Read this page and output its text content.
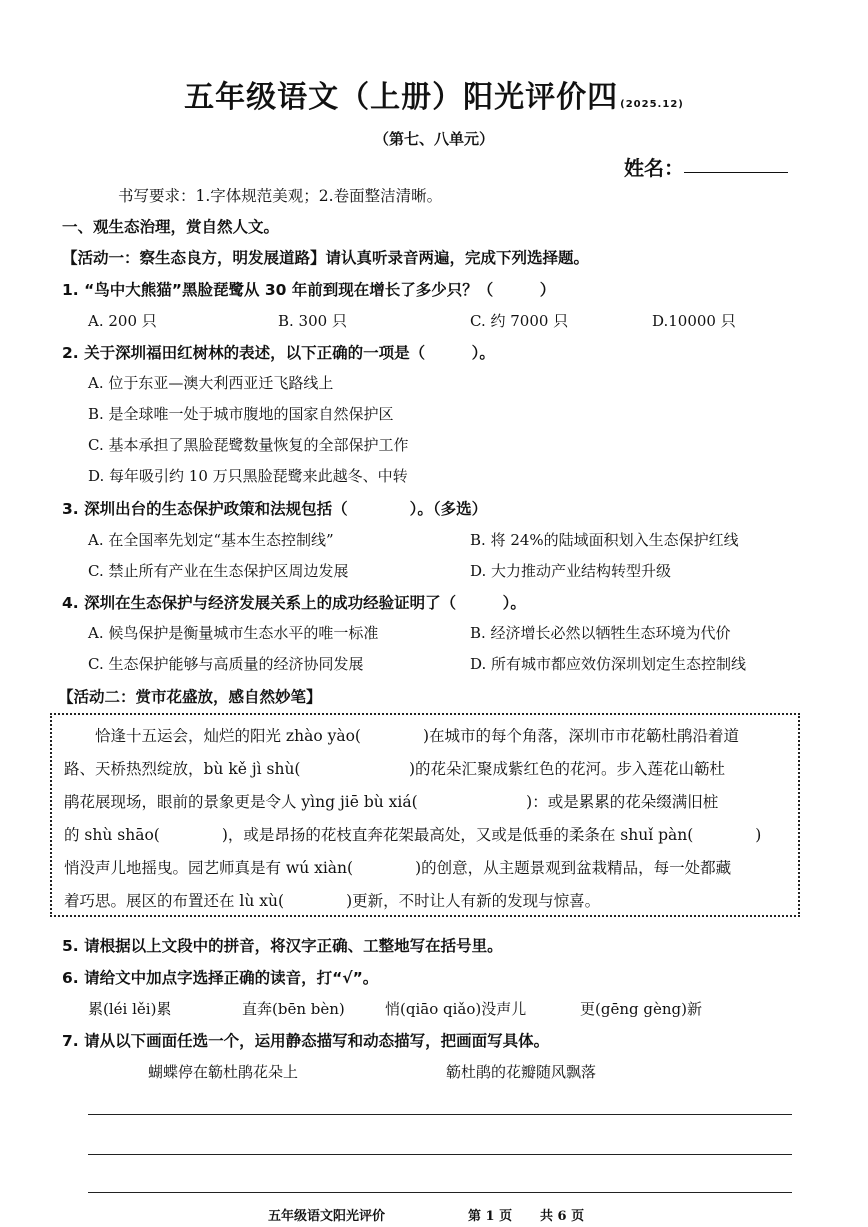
五年级语文（上册）阳光评价四 (2025.12)
（第七、八单元）
姓名：
书写要求：1.字体规范美观；2.卷面整洁清晰。
一、观生态治理，赏自然人文。
【活动一：察生态良方，明发展道路】请认真听录音两遍，完成下列选择题。
1. “鸟中大熊猫”黑脸琵鹭从 30 年前到现在增长了多少只？（　　　）
A. 200 只	B. 300 只	C. 约 7000 只	D.10000 只
2. 关于深圳福田红树林的表述，以下正确的一项是（　　　）。
A. 位于东亚—澳大利西亚迁飞路线上
B. 是全球唯一处于城市腹地的国家自然保护区
C. 基本承担了黑脸琵鹭数量恢复的全部保护工作
D. 每年吸引约 10 万只黑脸琵鹭来此越冬、中转
3. 深圳出台的生态保护政策和法规包括（　　　　）。（多选）
A. 在全国率先划定“基本生态控制线”	B. 将 24%的陆域面积划入生态保护红线
C. 禁止所有产业在生态保护区周边发展	D. 大力推动产业结构转型升级
4. 深圳在生态保护与经济发展关系上的成功经验证明了（　　　）。
A. 候鸟保护是衡量城市生态水平的唯一标准	B. 经济增长必然以牺牲生态环境为代价
C. 生态保护能够与高质量的经济协同发展	D. 所有城市都应效仿深圳划定生态控制线
【活动二：赏市花盛放，感自然妙笔】
　　恰逢十五运会，灿烂的阳光 zhào yào(　　　　)在城市的每个角落，深圳市市花簕杜鹃沿着道
路、天桥热烈绽放，bù kě jì shù(　　　　　　　)的花朵汇聚成紫红色的花河。步入莲花山簕杜
鹃花展现场，眼前的景象更是令人 yìng jiē bù xiá(　　　　　　　)：或是累累的花朵缀满旧桩
的 shù shāo(　　　　)，或是昂扬的花枝直奔花架最高处，又或是低垂的柔条在 shuǐ pàn(　　　　)
悄没声儿地摇曳。园艺师真是有 wú xiàn(　　　　)的创意，从主题景观到盆栽精品，每一处都藏
着巧思。展区的布置还在 lù xù(　　　　)更新，不时让人有新的发现与惊喜。
5. 请根据以上文段中的拼音，将汉字正确、工整地写在括号里。
6. 请给文中加点字选择正确的读音，打“√”。
累(léi lěi)累	直奔(bēn bèn)	悄(qiāo qiǎo)没声儿	更(gēng gèng)新
7. 请从以下画面任选一个，运用静态描写和动态描写，把画面写具体。
蝴蝶停在簕杜鹃花朵上	簕杜鹃的花瓣随风飘落
五年级语文阳光评价	第 1 页 共 6 页
